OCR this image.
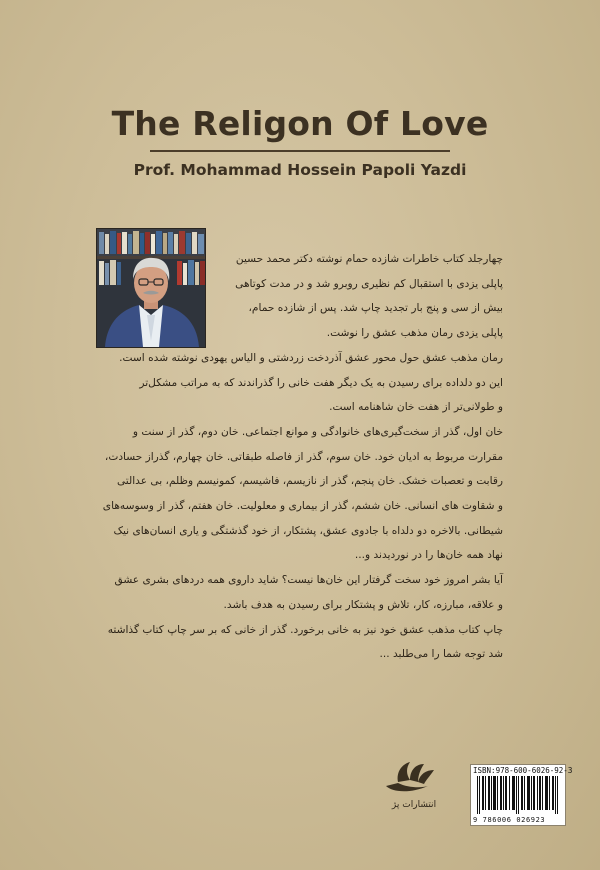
The Religon Of Love
Prof. Mohammad Hossein Papoli Yazdi

چهارجلد کتاب خاطرات شازده حمام نوشته دکتر محمد حسین
پاپلی یزدی با استقبال کم نظیری روبرو شد و در مدت کوتاهی
بیش از سی و پنج بار تجدید چاپ شد. پس از شازده حمام،
پاپلی یزدی رمان مذهب عشق را نوشت.

رمان مذهب عشق حول محور عشق آذردخت زردشتی و الیاس یهودی نوشته شده است.
این دو دلداده برای رسیدن به یک دیگر هفت خانی را گذراندند که به مراتب مشکل‌تر
و طولانی‌تر از هفت خان شاهنامه است.

خان اول، گذر از سخت‌گیری‌های خانوادگی و موانع اجتماعی. خان دوم، گذر از سنت و
مقرارت مربوط به ادیان خود. خان سوم، گذر از فاصله طبقاتی. خان چهارم، گذراز حسادت،
رقابت و تعصبات خشک. خان پنجم، گذر از نازیسم، فاشیسم، کمونیسم وظلم، بی عدالتی
و شقاوت های انسانی. خان ششم، گذر از بیماری و معلولیت. خان هفتم، گذر از وسوسه‌های
شیطانی. بالاخره دو دلداه با جادوی عشق، پشتکار، از خود گذشتگی و یاری انسان‌های نیک
نهاد همه خان‌ها را در نوردیدند و...

آیا بشر امروز خود سخت گرفتار این خان‌ها نیست؟ شاید داروی همه دردهای بشری عشق
و علاقه، مبارزه، کار، تلاش و پشتکار برای رسیدن به هدف باشد.

چاپ کتاب مذهب عشق خود نیز به خانی برخورد. گذر از خانی که بر سر چاپ کتاب گذاشته
شد توجه شما را می‌طلبد ...

انتشارات پژ
ISBN:978-600-6026-92-3
9 786006 026923
